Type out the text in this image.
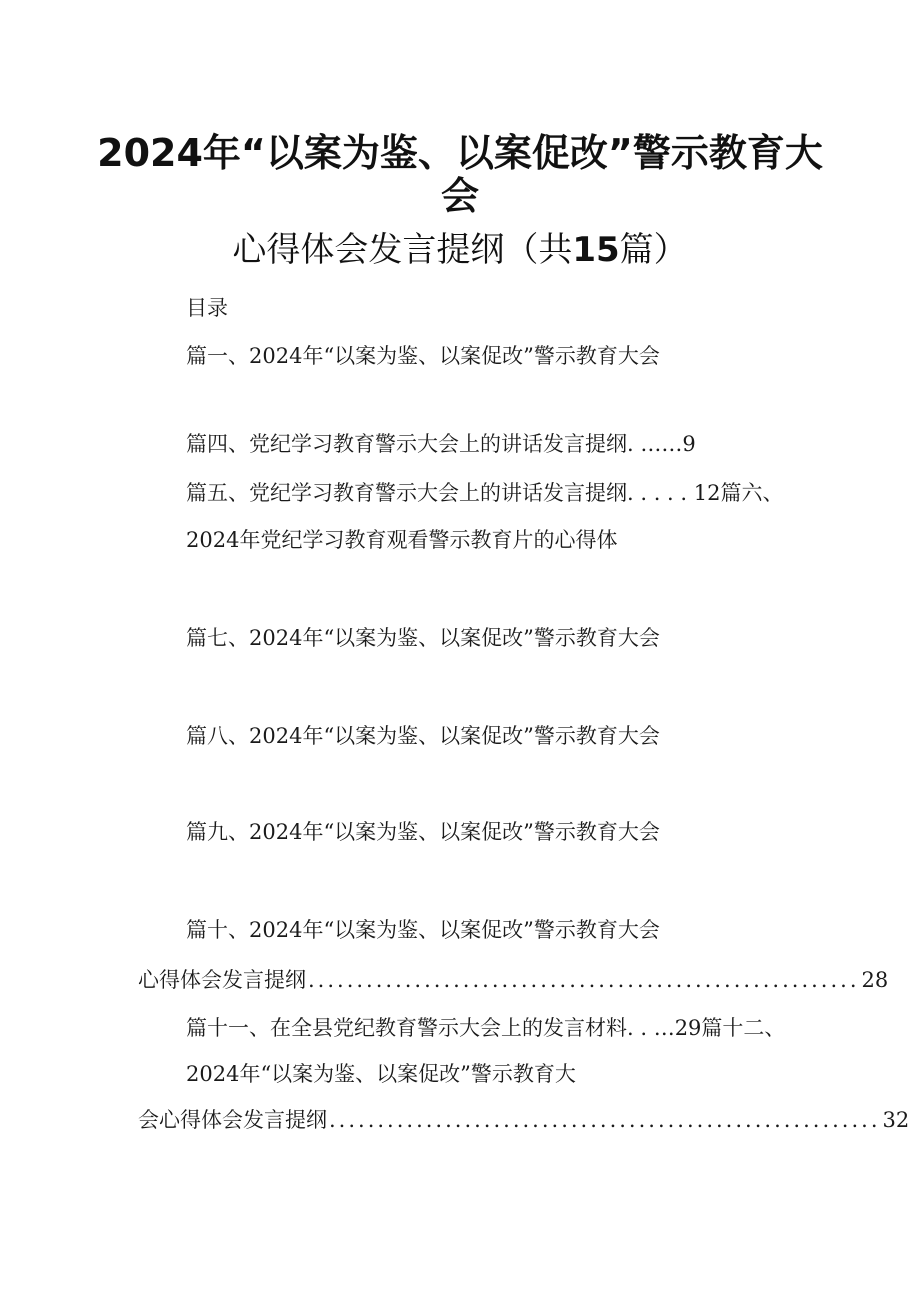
2024年“以案为鉴、以案促改”警示教育大
会
心得体会发言提纲（共15篇）
目录
篇一、2024年“以案为鉴、以案促改”警示教育大会
篇四、党纪学习教育警示大会上的讲话发言提纲. ……9
篇五、党纪学习教育警示大会上的讲话发言提纲. . . . . 12篇六、
2024年党纪学习教育观看警示教育片的心得体
篇七、2024年“以案为鉴、以案促改”警示教育大会
篇八、2024年“以案为鉴、以案促改”警示教育大会
篇九、2024年“以案为鉴、以案促改”警示教育大会
篇十、2024年“以案为鉴、以案促改”警示教育大会
心得体会发言提纲 ......................................................... 28
篇十一、在全县党纪教育警示大会上的发言材料. . …29篇十二、
2024年“以案为鉴、以案促改”警示教育大
会心得体会发言提纲 ......................................................... 32
